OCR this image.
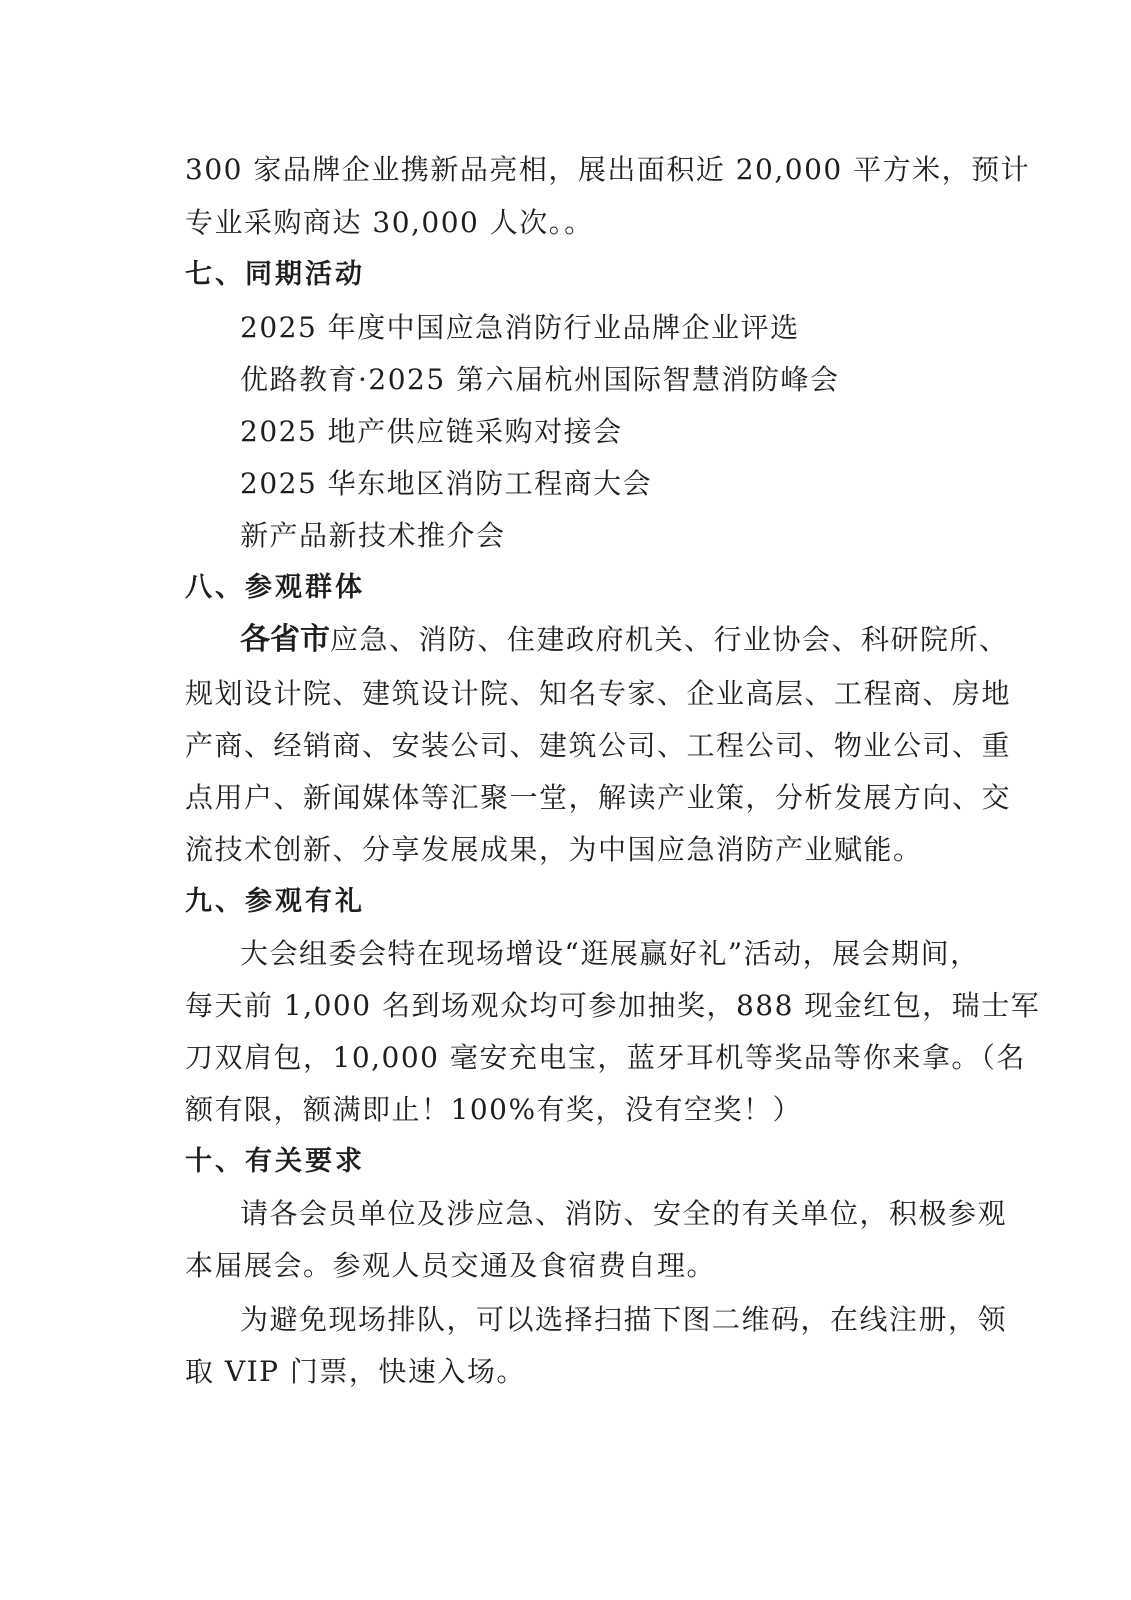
300 家品牌企业携新品亮相，展出面积近 20,000 平方米，预计
专业采购商达 30,000 人次。。
七、同期活动
2025 年度中国应急消防行业品牌企业评选
优路教育·2025 第六届杭州国际智慧消防峰会
2025 地产供应链采购对接会
2025 华东地区消防工程商大会
新产品新技术推介会
八、参观群体
各省市应急、消防、住建政府机关、行业协会、科研院所、
规划设计院、建筑设计院、知名专家、企业高层、工程商、房地
产商、经销商、安装公司、建筑公司、工程公司、物业公司、重
点用户、新闻媒体等汇聚一堂，解读产业策，分析发展方向、交
流技术创新、分享发展成果，为中国应急消防产业赋能。
九、参观有礼
大会组委会特在现场增设“逛展赢好礼”活动，展会期间，
每天前 1,000 名到场观众均可参加抽奖，888 现金红包，瑞士军
刀双肩包，10,000 毫安充电宝，蓝牙耳机等奖品等你来拿。（名
额有限，额满即止！100%有奖，没有空奖！）
十、有关要求
请各会员单位及涉应急、消防、安全的有关单位，积极参观
本届展会。参观人员交通及食宿费自理。
为避免现场排队，可以选择扫描下图二维码，在线注册，领
取 VIP 门票，快速入场。
